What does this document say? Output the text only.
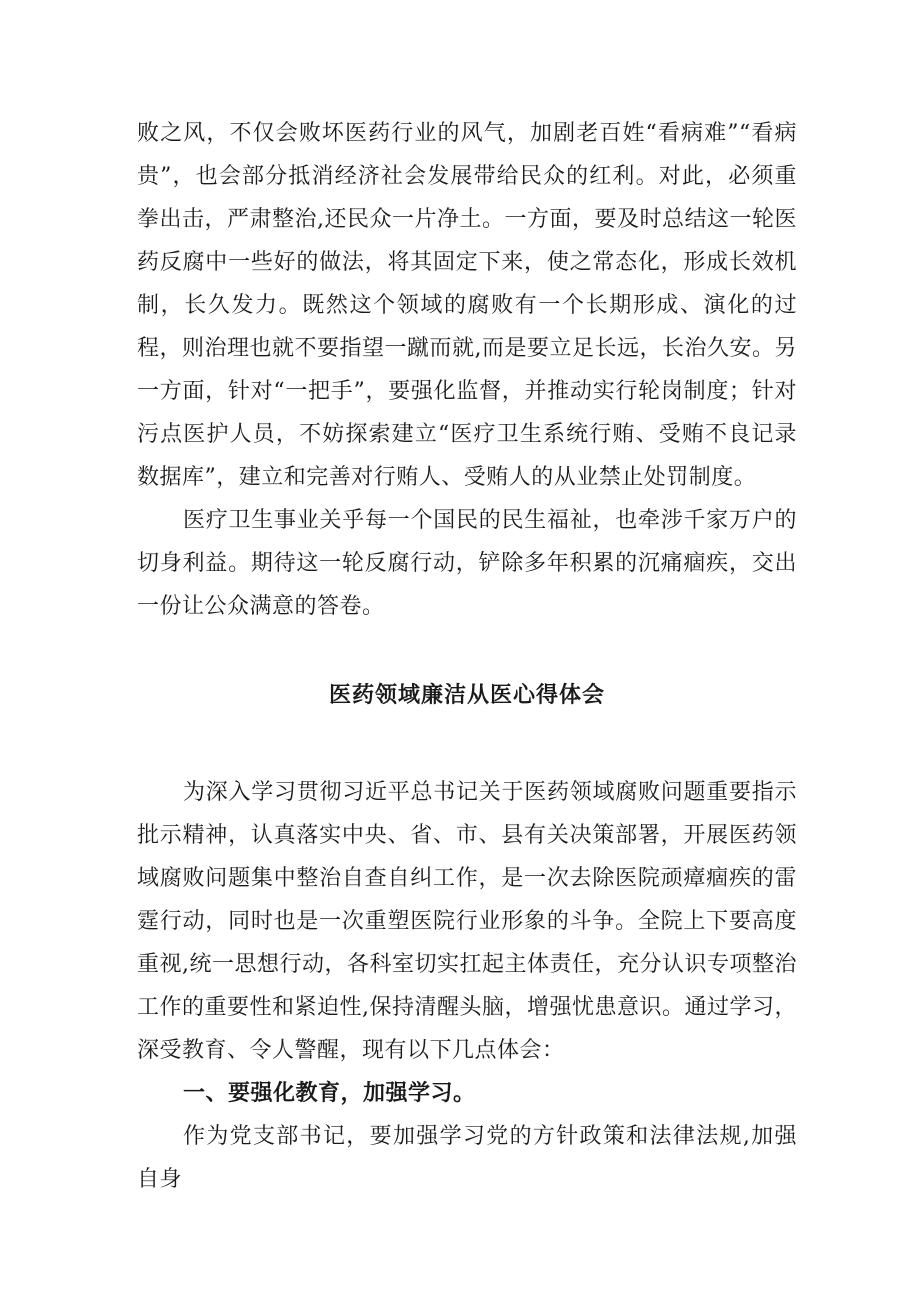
败之风，不仅会败坏医药行业的风气，加剧老百姓“看病难”“看病贵”，也会部分抵消经济社会发展带给民众的红利。对此，必须重拳出击，严肃整治,还民众一片净土。一方面，要及时总结这一轮医药反腐中一些好的做法，将其固定下来，使之常态化，形成长效机制，长久发力。既然这个领域的腐败有一个长期形成、演化的过程，则治理也就不要指望一蹴而就,而是要立足长远，长治久安。另一方面，针对“一把手”，要强化监督，并推动实行轮岗制度；针对污点医护人员，不妨探索建立“医疗卫生系统行贿、受贿不良记录数据库”，建立和完善对行贿人、受贿人的从业禁止处罚制度。

医疗卫生事业关乎每一个国民的民生福祉，也牵涉千家万户的切身利益。期待这一轮反腐行动，铲除多年积累的沉痛痼疾，交出一份让公众满意的答卷。

医药领域廉洁从医心得体会

为深入学习贯彻习近平总书记关于医药领域腐败问题重要指示批示精神，认真落实中央、省、市、县有关决策部署，开展医药领域腐败问题集中整治自查自纠工作，是一次去除医院顽瘴痼疾的雷霆行动，同时也是一次重塑医院行业形象的斗争。全院上下要高度重视,统一思想行动，各科室切实扛起主体责任，充分认识专项整治工作的重要性和紧迫性,保持清醒头脑，增强忧患意识。通过学习，深受教育、令人警醒，现有以下几点体会：

一、要强化教育，加强学习。

作为党支部书记，要加强学习党的方针政策和法律法规,加强自身
